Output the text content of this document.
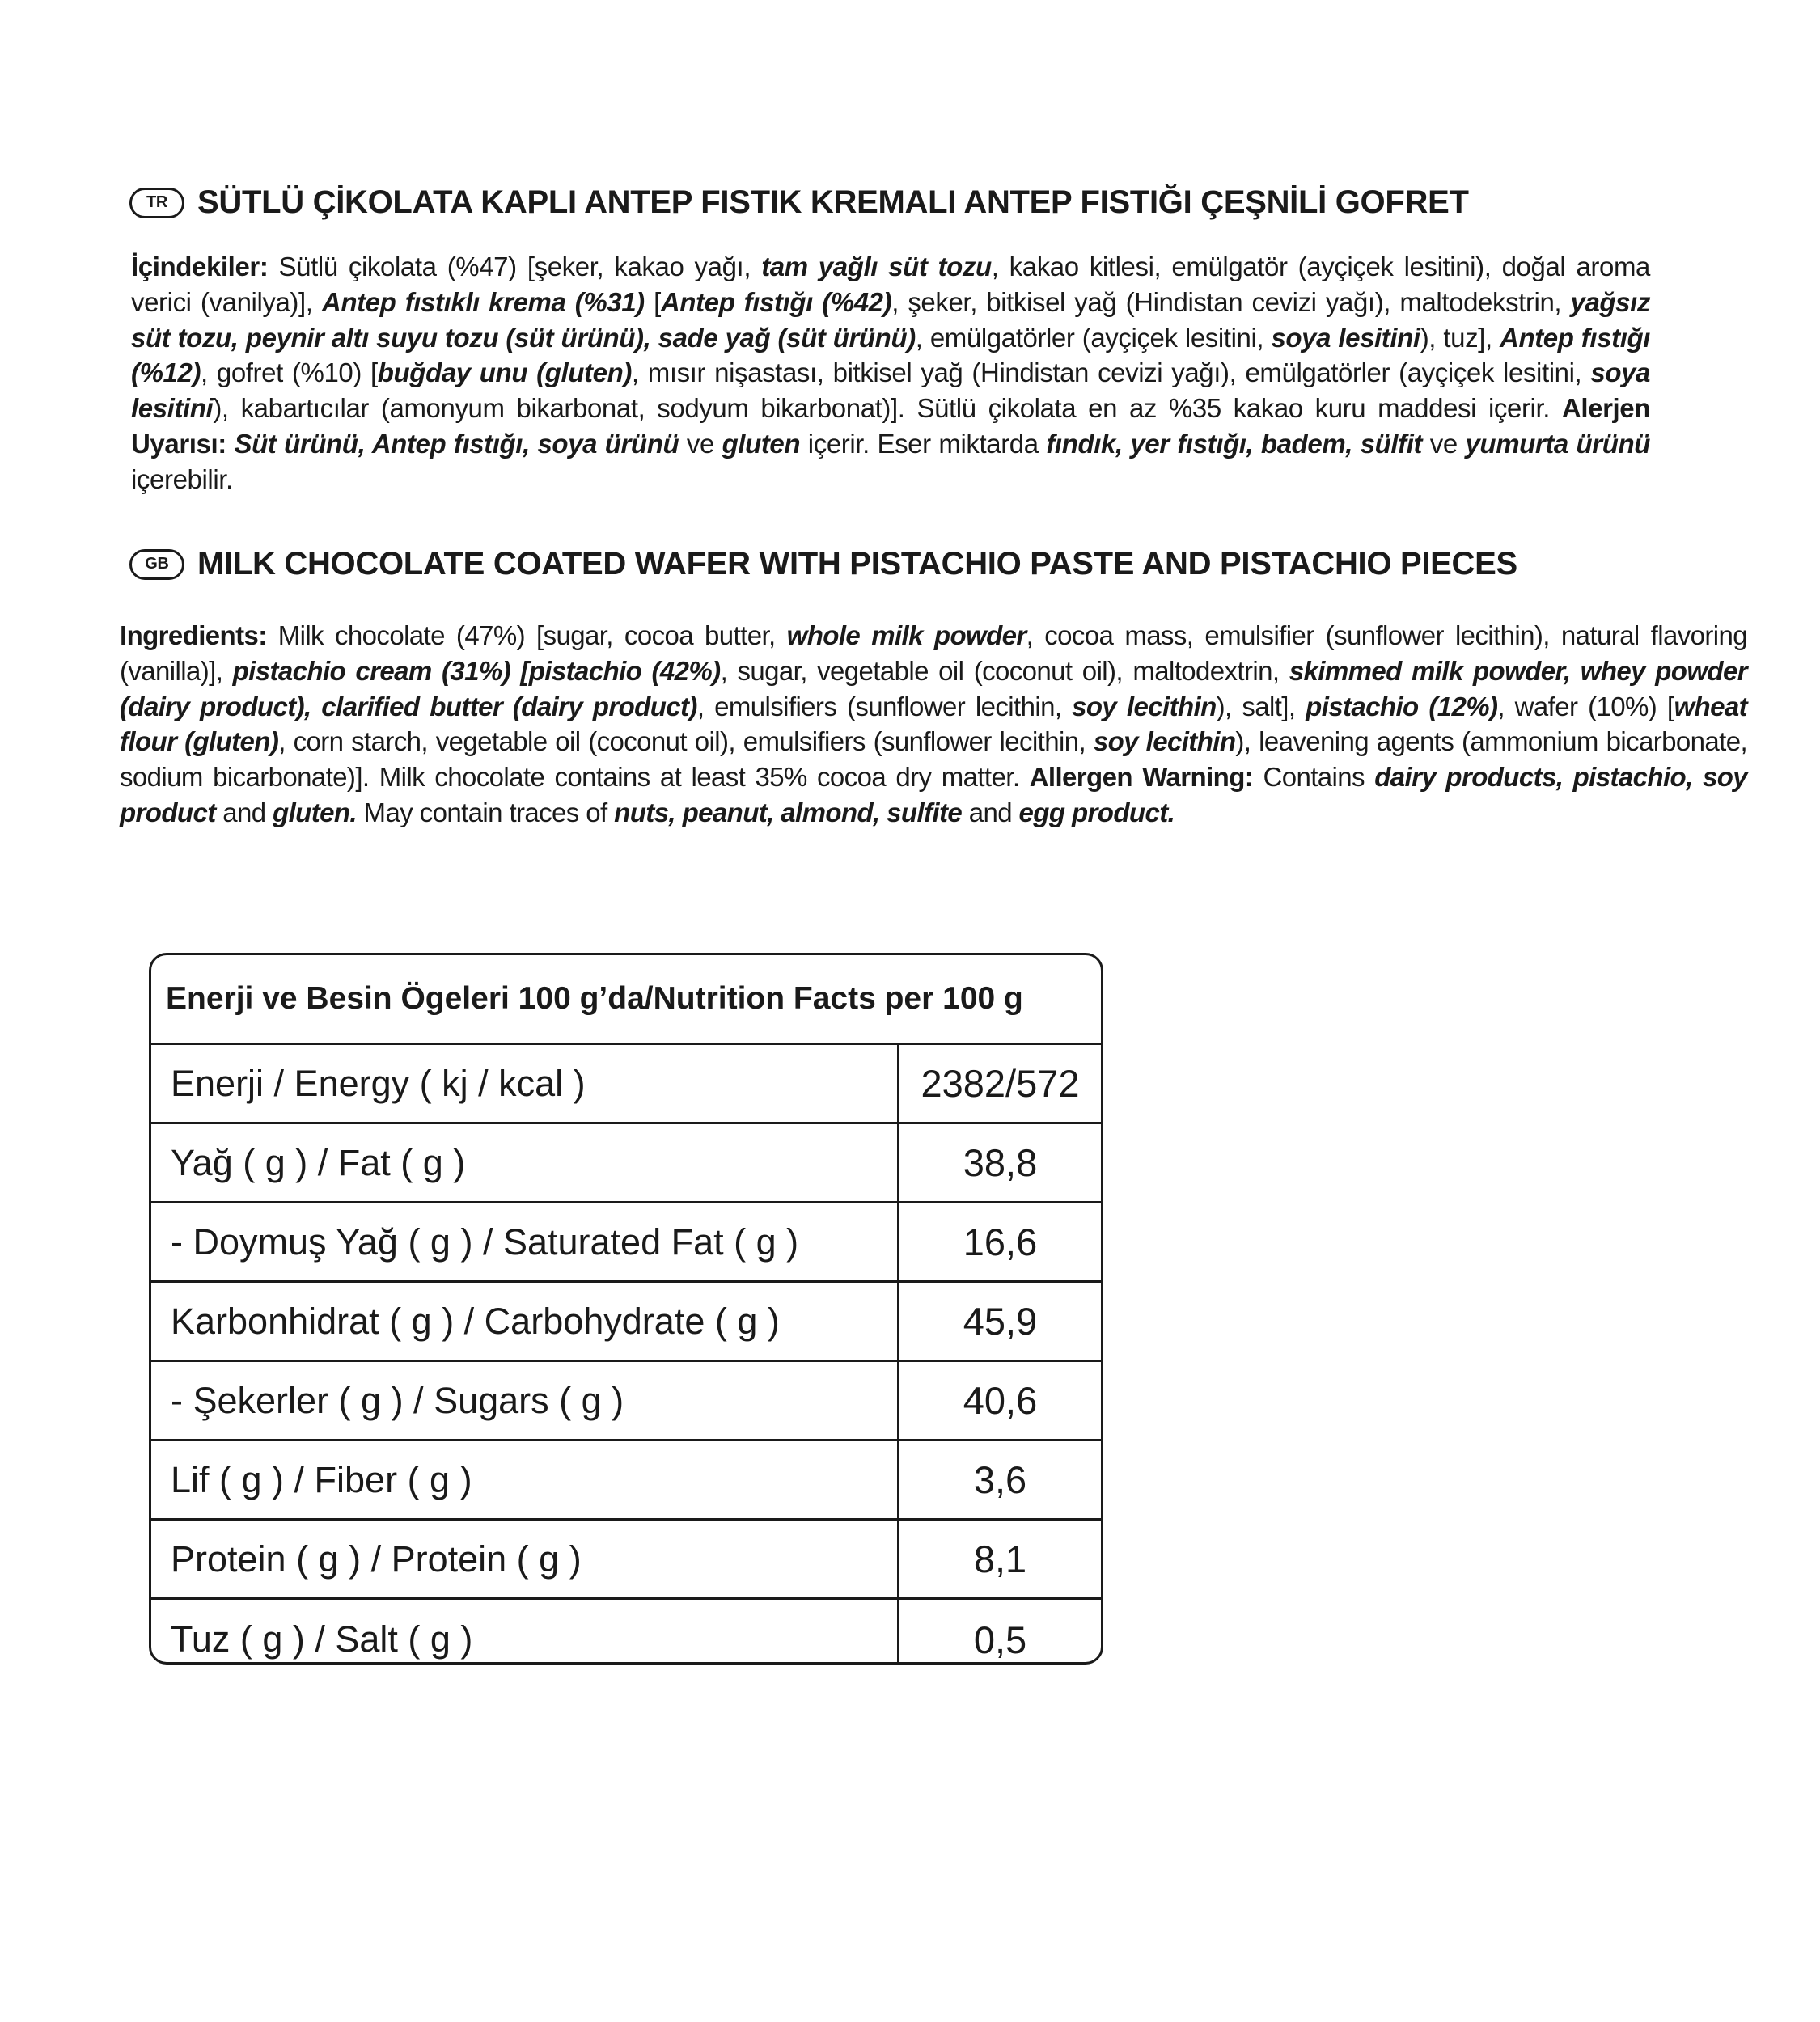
TR SÜTLÜ ÇİKOLATA KAPLI ANTEP FISTIK KREMALI ANTEP FISTIĞI ÇEŞNİLİ GOFRET
İçindekiler: Sütlü çikolata (%47) [şeker, kakao yağı, tam yağlı süt tozu, kakao kitlesi, emülgatör (ayçiçek lesitini), doğal aroma verici (vanilya)], Antep fıstıklı krema (%31) [Antep fıstığı (%42), şeker, bitkisel yağ (Hindistan cevizi yağı), maltodekstrin, yağsız süt tozu, peynir altı suyu tozu (süt ürünü), sade yağ (süt ürünü), emülgatörler (ayçiçek lesitini, soya lesitini), tuz], Antep fıstığı (%12), gofret (%10) [buğday unu (gluten), mısır nişastası, bitkisel yağ (Hindistan cevizi yağı), emülgatörler (ayçiçek lesitini, soya lesitini), kabartıcılar (amonyum bikarbonat, sodyum bikarbonat)]. Sütlü çikolata en az %35 kakao kuru maddesi içerir. Alerjen Uyarısı: Süt ürünü, Antep fıstığı, soya ürünü ve gluten içerir. Eser miktarda fındık, yer fıstığı, badem, sülfit ve yumurta ürünü içerebilir.
GB MILK CHOCOLATE COATED WAFER WITH PISTACHIO PASTE AND PISTACHIO PIECES
Ingredients: Milk chocolate (47%) [sugar, cocoa butter, whole milk powder, cocoa mass, emulsifier (sunflower lecithin), natural flavoring (vanilla)], pistachio cream (31%) [pistachio (42%), sugar, vegetable oil (coconut oil), maltodextrin, skimmed milk powder, whey powder (dairy product), clarified butter (dairy product), emulsifiers (sunflower lecithin, soy lecithin), salt], pistachio (12%), wafer (10%) [wheat flour (gluten), corn starch, vegetable oil (coconut oil), emulsifiers (sunflower lecithin, soy lecithin), leavening agents (ammonium bicarbonate, sodium bicarbonate)]. Milk chocolate contains at least 35% cocoa dry matter. Allergen Warning: Contains dairy products, pistachio, soy product and gluten. May contain traces of nuts, peanut, almond, sulfite and egg product.
Enerji ve Besin Ögeleri 100 g’da/Nutrition Facts per 100 g
Enerji / Energy ( kj / kcal )	2382/572
Yağ ( g ) / Fat ( g )	38,8
- Doymuş Yağ ( g ) / Saturated Fat ( g )	16,6
Karbonhidrat ( g ) / Carbohydrate ( g )	45,9
- Şekerler ( g ) / Sugars ( g )	40,6
Lif ( g ) / Fiber ( g )	3,6
Protein ( g ) / Protein ( g )	8,1
Tuz ( g ) / Salt ( g )	0,5
